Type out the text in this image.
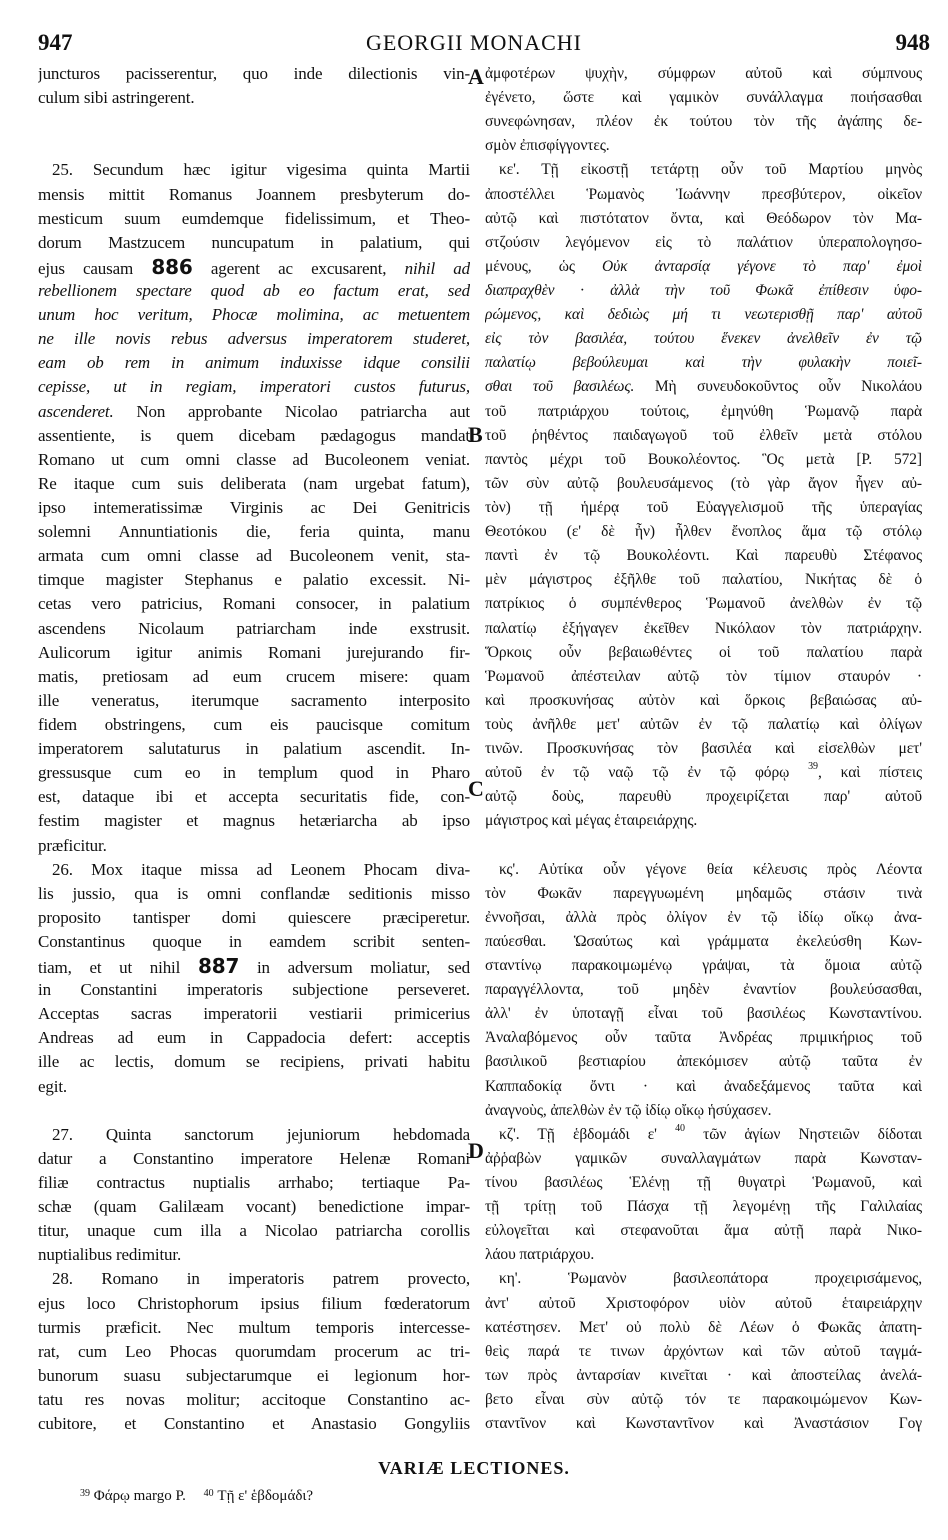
947	GEORGII MONACHI	948
juncturos pacisserentur, quo inde dilectionis vin-
culum sibi astringerent.
25. Secundum hæc igitur vigesima quinta Martii
mensis mittit Romanus Joannem presbyterum do-
mesticum suum eumdemque fidelissimum, et Theo-
dorum Mastzucem nuncupatum in palatium, qui
ejus causam 886 agerent ac excusarent, nihil ad
rebellionem spectare quod ab eo factum erat, sed
unum hoc veritum, Phocæ molimina, ac metuentem
ne ille novis rebus adversus imperatorem studeret,
eam ob rem in animum induxisse idque consilii
cepisse, ut in regiam, imperatori custos futurus,
ascenderet. Non approbante Nicolao patriarcha aut
assentiente, is quem dicebam pædagogus mandat
Romano ut cum omni classe ad Bucoleonem veniat.
Re itaque cum suis deliberata (nam urgebat fatum),
ipso intemeratissimæ Virginis ac Dei Genitricis
solemni Annuntiationis die, feria quinta, manu
armata cum omni classe ad Bucoleonem venit, sta-
timque magister Stephanus e palatio excessit. Ni-
cetas vero patricius, Romani consocer, in palatium
ascendens Nicolaum patriarcham inde exstrusit.
Aulicorum igitur animis Romani jurejurando fir-
matis, pretiosam ad eum crucem misere: quam
ille veneratus, iterumque sacramento interposito
fidem obstringens, cum eis paucisque comitum
imperatorem salutaturus in palatium ascendit. In-
gressusque cum eo in templum quod in Pharo
est, dataque ibi et accepta securitatis fide, con-
festim magister et magnus hetæriarcha ab ipso
præficitur.
26. Mox itaque missa ad Leonem Phocam diva-
lis jussio, qua is omni conflandæ seditionis misso
proposito tantisper domi quiescere præciperetur.
Constantinus quoque in eamdem scribit senten-
tiam, et ut nihil 887 in adversum moliatur, sed
in Constantini imperatoris subjectione perseveret.
Acceptas sacras imperatorii vestiarii primicerius
Andreas ad eum in Cappadocia defert: acceptis
ille ac lectis, domum se recipiens, privati habitu
egit.
27. Quinta sanctorum jejuniorum hebdomada
datur a Constantino imperatore Helenæ Romani
filiæ contractus nuptialis arrhabo; tertiaque Pa-
schæ (quam Galilæam vocant) benedictione impar-
titur, unaque cum illa a Nicolao patriarcha corollis
nuptialibus redimitur.
28. Romano in imperatoris patrem provecto,
ejus loco Christophorum ipsius filium fœderatorum
turmis præficit. Nec multum temporis intercesse-
rat, cum Leo Phocas quorumdam procerum ac tri-
bunorum suasu subjectarumque ei legionum hor-
tatu res novas molitur; accitoque Constantino ac-
cubitore, et Constantino et Anastasio Gongyliis
ἀμφοτέρων ψυχὴν, σύμφρων αὐτοῦ καὶ σύμπνους
ἐγένετο, ὥστε καὶ γαμικὸν συνάλλαγμα ποιήσασθαι
συνεφώνησαν, πλέον ἐκ τούτου τὸν τῆς ἀγάπης δε-
σμὸν ἐπισφίγγοντες.
κε'. Τῇ εἰκοστῇ τετάρτῃ οὖν τοῦ Μαρτίου μηνὸς
ἀποστέλλει Ῥωμανὸς Ἰωάννην πρεσβύτερον, οἰκεῖον
αὐτῷ καὶ πιστότατον ὄντα, καὶ Θεόδωρον τὸν Μα-
στζούσιν λεγόμενον εἰς τὸ παλάτιον ὑπεραπολογησο-
μένους, ὡς Οὐκ ἀνταρσίᾳ γέγονε τὸ παρ' ἐμοὶ
διαπραχθὲν · ἀλλὰ τὴν τοῦ Φωκᾶ ἐπίθεσιν ὑφο-
ρώμενος, καὶ δεδιὼς μή τι νεωτερισθῇ παρ' αὐτοῦ
εἰς τὸν βασιλέα, τούτου ἕνεκεν ἀνελθεῖν ἐν τῷ
παλατίῳ βεβούλευμαι καὶ τὴν φυλακὴν ποιεῖ-
σθαι τοῦ βασιλέως. Μὴ συνευδοκοῦντος οὖν Νικολάου
τοῦ πατριάρχου τούτοις, ἐμηνύθη Ῥωμανῷ παρὰ
τοῦ ῥηθέντος παιδαγωγοῦ τοῦ ἐλθεῖν μετὰ στόλου
παντὸς μέχρι τοῦ Βουκολέοντος. Ὃς μετὰ [P. 572]
τῶν σὺν αὐτῷ βουλευσάμενος (τὸ γὰρ ἄγον ἦγεν αὐ-
τὸν) τῇ ἡμέρᾳ τοῦ Εὐαγγελισμοῦ τῆς ὑπεραγίας
Θεοτόκου (ε' δὲ ἦν) ἦλθεν ἔνοπλος ἅμα τῷ στόλῳ
παντὶ ἐν τῷ Βουκολέοντι. Καὶ παρευθὺ Στέφανος
μὲν μάγιστρος ἐξῆλθε τοῦ παλατίου, Νικήτας δὲ ὁ
πατρίκιος ὁ συμπένθερος Ῥωμανοῦ ἀνελθὼν ἐν τῷ
παλατίῳ ἐξήγαγεν ἐκεῖθεν Νικόλαον τὸν πατριάρχην.
Ὅρκοις οὖν βεβαιωθέντες οἱ τοῦ παλατίου παρὰ
Ῥωμανοῦ ἀπέστειλαν αὐτῷ τὸν τίμιον σταυρόν ·
καὶ προσκυνήσας αὐτὸν καὶ ὅρκοις βεβαιώσας αὐ-
τοὺς ἀνῆλθε μετ' αὐτῶν ἐν τῷ παλατίῳ καὶ ὀλίγων
τινῶν. Προσκυνήσας τὸν βασιλέα καὶ εἰσελθὼν μετ'
αὐτοῦ ἐν τῷ ναῷ τῷ ἐν τῷ φόρῳ $^{39}$, καὶ πίστεις
αὐτῷ δοὺς, παρευθὺ προχειρίζεται παρ' αὐτοῦ
μάγιστρος καὶ μέγας ἑταιρειάρχης.
κς'. Αὐτίκα οὖν γέγονε θεία κέλευσις πρὸς Λέοντα
τὸν Φωκᾶν παρεγγυωμένη μηδαμῶς στάσιν τινὰ
ἐννοῆσαι, ἀλλὰ πρὸς ὀλίγον ἐν τῷ ἰδίῳ οἴκῳ ἀνα-
παύεσθαι. Ὡσαύτως καὶ γράμματα ἐκελεύσθη Κων-
σταντίνῳ παρακοιμωμένῳ γράψαι, τὰ ὅμοια αὐτῷ
παραγγέλλοντα, τοῦ μηδὲν ἐναντίον βουλεύσασθαι,
ἀλλ' ἐν ὑποταγῇ εἶναι τοῦ βασιλέως Κωνσταντίνου.
Ἀναλαβόμενος οὖν ταῦτα Ἀνδρέας πριμικήριος τοῦ
βασιλικοῦ βεστιαρίου ἀπεκόμισεν αὐτῷ ταῦτα ἐν
Καππαδοκίᾳ ὄντι · καὶ ἀναδεξάμενος ταῦτα καὶ
ἀναγνοὺς, ἀπελθὼν ἐν τῷ ἰδίῳ οἴκῳ ἡσύχασεν.
κζ'. Τῇ ἑβδομάδι ε' $^{40}$ τῶν ἁγίων Νηστειῶν δίδοται
ἀῤῥαβὼν γαμικῶν συναλλαγμάτων παρὰ Κωνσταν-
τίνου βασιλέως Ἑλένῃ τῇ θυγατρὶ Ῥωμανοῦ, καὶ
τῇ τρίτῃ τοῦ Πάσχα τῇ λεγομένῃ τῆς Γαλιλαίας
εὐλογεῖται καὶ στεφανοῦται ἅμα αὐτῇ παρὰ Νικο-
λάου πατριάρχου.
κη'. Ῥωμανὸν βασιλεοπάτορα προχειρισάμενος,
ἀντ' αὐτοῦ Χριστοφόρον υἱὸν αὐτοῦ ἑταιρειάρχην
κατέστησεν. Μετ' οὐ πολὺ δὲ Λέων ὁ Φωκᾶς ἀπατη-
θεὶς παρά τε τινων ἀρχόντων καὶ τῶν αὐτοῦ ταγμά-
των πρὸς ἀνταρσίαν κινεῖται · καὶ ἀποστείλας ἀνελά-
βετο εἶναι σὺν αὐτῷ τόν τε παρακοιμώμενον Κων-
σταντῖνον καὶ Κωνσταντῖνον καὶ Ἀναστάσιον Γογ
A
B
C
D
VARIÆ LECTIONES.
$^{39}$ Φάρῳ margo P. $^{40}$ Τῇ ε' ἑβδομάδι?
